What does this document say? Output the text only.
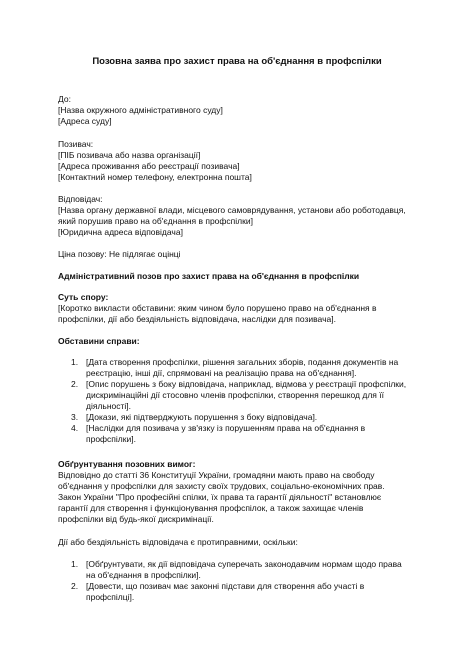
Позовна заява про захист права на об'єднання в профспілки
До:
[Назва окружного адміністративного суду]
[Адреса суду]
Позивач:
[ПІБ позивача або назва організації]
[Адреса проживання або реєстрації позивача]
[Контактний номер телефону, електронна пошта]
Відповідач:
[Назва органу державної влади, місцевого самоврядування, установи або роботодавця,
який порушив право на об'єднання в профспілки]
[Юридична адреса відповідача]
Ціна позову: Не підлягає оцінці
Адміністративний позов про захист права на об'єднання в профспілки
Суть спору:
[Коротко викласти обставини: яким чином було порушено право на об'єднання в
профспілки, дії або бездіяльність відповідача, наслідки для позивача].
Обставини справи:
1. [Дата створення профспілки, рішення загальних зборів, подання документів на
реєстрацію, інші дії, спрямовані на реалізацію права на об'єднання].
2. [Опис порушень з боку відповідача, наприклад, відмова у реєстрації профспілки,
дискримінаційні дії стосовно членів профспілки, створення перешкод для її
діяльності].
3. [Докази, які підтверджують порушення з боку відповідача].
4. [Наслідки для позивача у зв'язку із порушенням права на об'єднання в
профспілки].
Обґрунтування позовних вимог:
Відповідно до статті 36 Конституції України, громадяни мають право на свободу
об'єднання у профспілки для захисту своїх трудових, соціально-економічних прав.
Закон України "Про професійні спілки, їх права та гарантії діяльності" встановлює
гарантії для створення і функціонування профспілок, а також захищає членів
профспілки від будь-якої дискримінації.
Дії або бездіяльність відповідача є протиправними, оскільки:
1. [Обґрунтувати, як дії відповідача суперечать законодавчим нормам щодо права
на об'єднання в профспілки].
2. [Довести, що позивач має законні підстави для створення або участі в
профспілці].
